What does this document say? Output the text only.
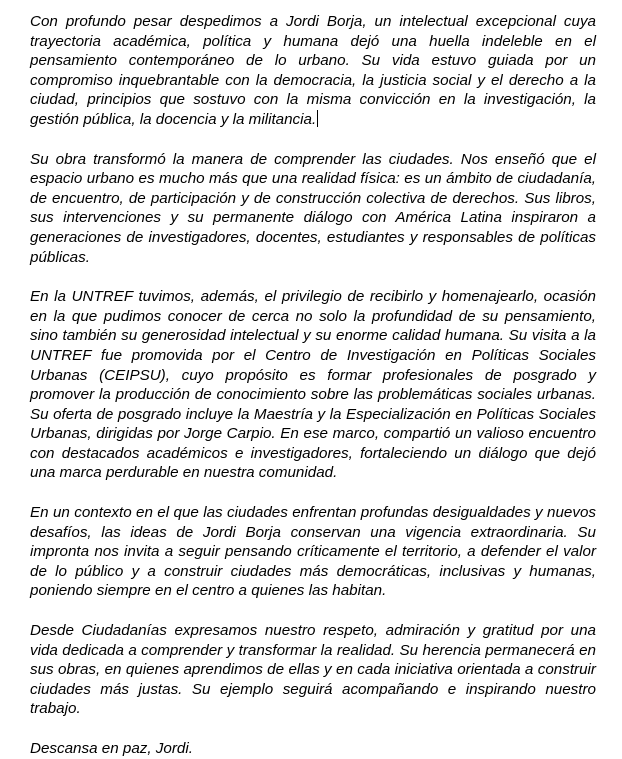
Con profundo pesar despedimos a Jordi Borja, un intelectual excepcional cuya trayectoria académica, política y humana dejó una huella indeleble en el pensamiento contemporáneo de lo urbano. Su vida estuvo guiada por un compromiso inquebrantable con la democracia, la justicia social y el derecho a la ciudad, principios que sostuvo con la misma convicción en la investigación, la gestión pública, la docencia y la militancia.

Su obra transformó la manera de comprender las ciudades. Nos enseñó que el espacio urbano es mucho más que una realidad física: es un ámbito de ciudadanía, de encuentro, de participación y de construcción colectiva de derechos. Sus libros, sus intervenciones y su permanente diálogo con América Latina inspiraron a generaciones de investigadores, docentes, estudiantes y responsables de políticas públicas.

En la UNTREF tuvimos, además, el privilegio de recibirlo y homenajearlo, ocasión en la que pudimos conocer de cerca no solo la profundidad de su pensamiento, sino también su generosidad intelectual y su enorme calidad humana. Su visita a la UNTREF fue promovida por el Centro de Investigación en Políticas Sociales Urbanas (CEIPSU), cuyo propósito es formar profesionales de posgrado y promover la producción de conocimiento sobre las problemáticas sociales urbanas. Su oferta de posgrado incluye la Maestría y la Especialización en Políticas Sociales Urbanas, dirigidas por Jorge Carpio. En ese marco, compartió un valioso encuentro con destacados académicos e investigadores, fortaleciendo un diálogo que dejó una marca perdurable en nuestra comunidad.

En un contexto en el que las ciudades enfrentan profundas desigualdades y nuevos desafíos, las ideas de Jordi Borja conservan una vigencia extraordinaria. Su impronta nos invita a seguir pensando críticamente el territorio, a defender el valor de lo público y a construir ciudades más democráticas, inclusivas y humanas, poniendo siempre en el centro a quienes las habitan.

Desde Ciudadanías expresamos nuestro respeto, admiración y gratitud por una vida dedicada a comprender y transformar la realidad. Su herencia permanecerá en sus obras, en quienes aprendimos de ellas y en cada iniciativa orientada a construir ciudades más justas. Su ejemplo seguirá acompañando e inspirando nuestro trabajo.

Descansa en paz, Jordi.
